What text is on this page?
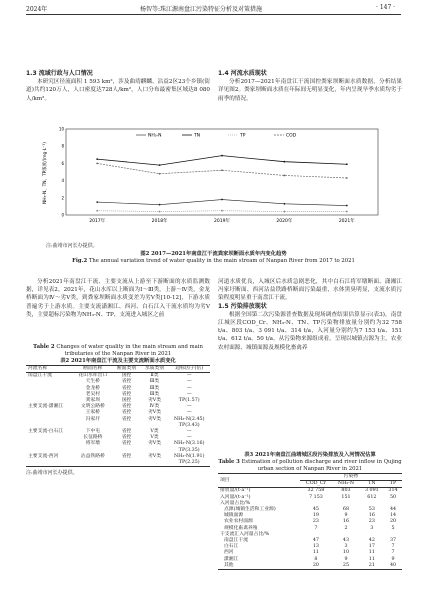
2024年	杨智等:珠江源南盘江污染特征分析及对策措施	· 147 ·
1.3 流域行政与人口情况

本研究区径流面积 1 593 km²，涉及曲靖麒麟、沾益2区23个乡镇(街道)共约120万人，人口密度达728人/km²，人口分布最密集区域达8 080人/km²。

1.4 河流水质现状

分析2017—2021年南盘江干流国控粪家坝断面水质数据，分析结果详见图2。粪家坝断面水质在年际间无明显变化，年内呈现旱季水质均劣于雨季的情况。

NH₃-N、TN、TP浓度/(mg·L⁻¹)
NH₃-N	TN	TP	COD
2017年	2018年	2019年	2020年	2021年
0
2
4
6
8
10
注:曲靖市河长办提供。
图2 2017—2021年南盘江干流粪家坝断面水质年内变化趋势
Fig.2 The annual variation trend of water quality in the main stream of Nanpan River from 2017 to 2021

分析2021年南盘江干流、主要支流从上游至下游断面的水质监测数据，详见表2。2021年，花山水库以上断面为Ⅰ～Ⅲ类，上游～Ⅳ类，金龙桥断面为Ⅳ～劣Ⅴ类，到粪家坝断面水质变差为劣Ⅴ类[10-12]，下游水质普遍劣于上游水质。主要支流潇湘江、西河、白石江入干流水质均为劣Ⅴ类，主要超标污染物为NH₃-N、TP，支流进入城区之前

Table 2 Changes of water quality in the main stream and main tributaries of the Nanpan River in 2021
表2 2021年南盘江干流及主要支流断面水质变化
河流名称	断面名称	断面类别	水质类别	超标因子(倍)
南盘江干流	花山水库出口	国控	Ⅱ类	—
	天生桥	省控	Ⅲ类	—
	金龙桥	省控	Ⅲ类	—
	老吴村	省控	Ⅲ类	—
	粪家坝	国控	劣Ⅴ类	TP(1.57)
主要支流-潇湘江	文明公路桥	省控	Ⅳ类	—
	王家桥	省控	劣Ⅴ类	—
	冯家圩	省控	劣Ⅴ类	NH₃-N(2.45)
				TP(3.43)
主要支流-白石江	下中屯	省控	Ⅴ类	—
	长征路桥	省控	Ⅴ类	—
	将军墩	省控	劣Ⅴ类	NH₃-N(3.16)
				TP(3.35)
主要支流-西河	沾益铁路桥	省控	劣Ⅴ类	NH₃-N(1.91)
				TP(2.25)
注:曲靖市河长办提供。

河道水质优良，入城区后水质急剧恶化，其中白石江将军墩断面、潇湘江冯家圩断面、西河沾益铁路桥断面污染最重，水体黑臭明显，支流水质污染程度明显重于南盘江干流。

1.5 污染排放现状

根据全国第二次污染源普查数据及现场调查结果估算显示(表3)，南盘江城区段COD_Cr、NH₃-N、TN、TP污染物排放量分别约为32 758 t/a、803 t/a、3 091 t/a、314 t/a，入河量分别约为7 153 t/a、151 t/a、612 t/a、50 t/a。从污染物来源组成看，呈现以城镇点源为主，农业农村面源、城镇面源及规模化畜禽养

表3 2021年南盘江曲靖城区段污染排放及入河情况估算
Table 3 Estimation of pollution discharge and river inflow in Qujing urban section of Nanpan River in 2021
项目	污染物			
	COD_Cr	NH₃-N	TN	TP
排放量/(t·a⁻¹)	32 758	803	3 091	314
入河量/(t·a⁻¹)	7 153	151	612	50
入河量占比/%				
点源(城镇生活和工业源)	45	68	53	44
城镇面源	19	9	16	14
农业农村面源	23	16	23	20
规模化畜禽养殖	7	2	3	5
干支流汇入河量占比/%				
南盘江干流	47	43	42	37
白石江	13	3	17	7
西河	11	10	11	7
潇湘江	8	9	11	9
其他	20	25	21	40
